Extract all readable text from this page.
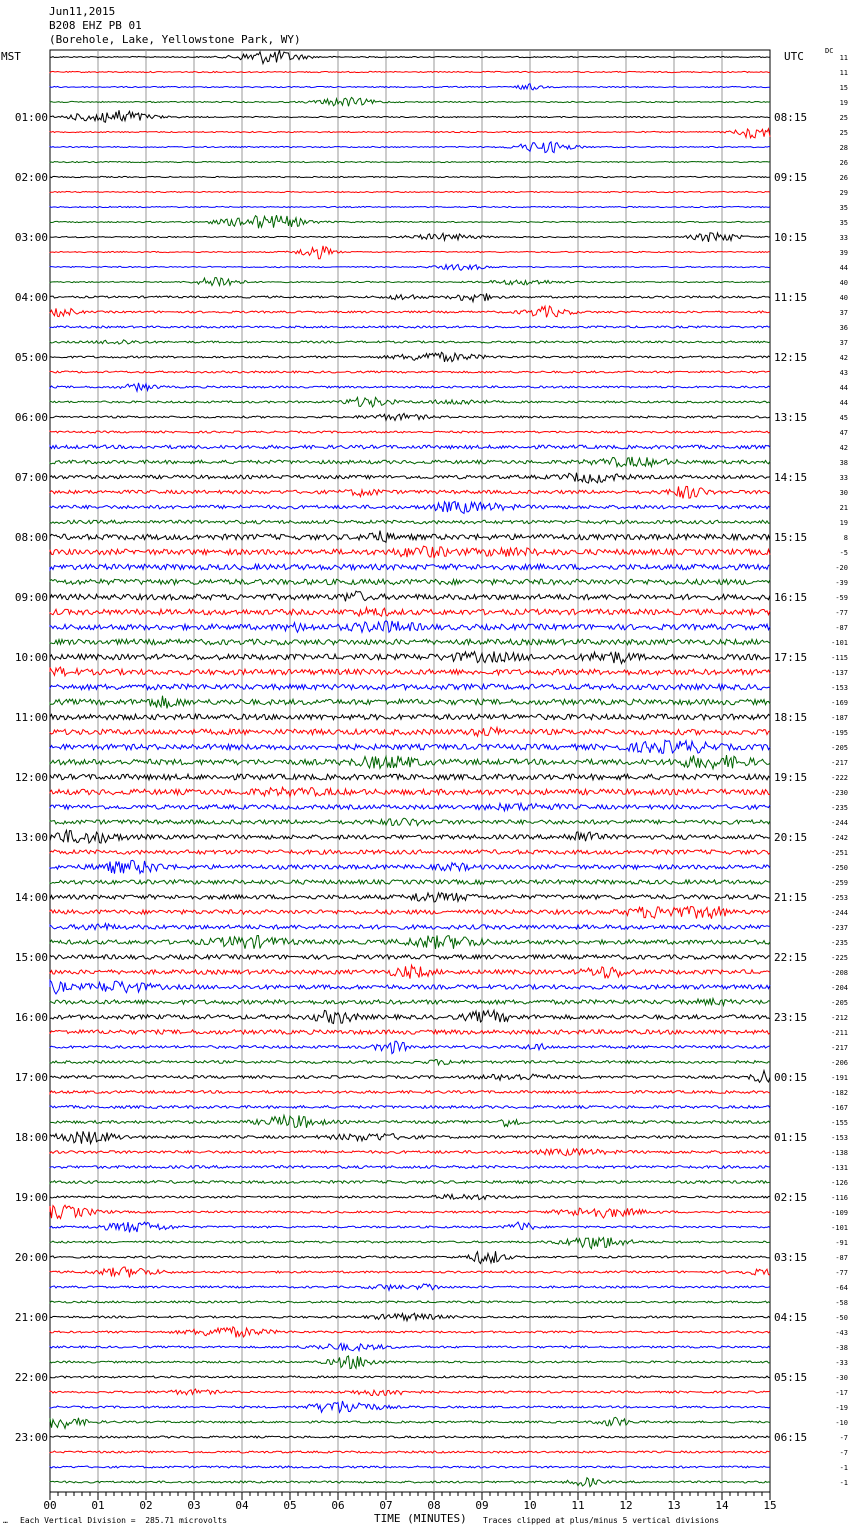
Jun11,2015
B208 EHZ PB 01
(Borehole, Lake, Yellowstone Park, WY)
MST	UTC	DC
11
11
15
19
25
25
28
26
26
29
35
35
33
39
44
40
40
37
36
37
42
43
44
44
45
47
42
38
33
30
21
19
8
-5
-20
-39
-59
-77
-87
-101
-115
-137
-153
-169
-187
-195
-205
-217
-222
-230
-235
-244
-242
-251
-250
-259
-253
-244
-237
-235
-225
-208
-204
-205
-212
-211
-217
-206
-191
-182
-167
-155
-153
-138
-131
-126
-116
-109
-101
-91
-87
-77
-64
-58
-50
-43
-38
-33
-30
-17
-19
-10
-7
-7
-1
-1
01:00
02:00
03:00
04:00
05:00
06:00
07:00
08:00
09:00
10:00
11:00
12:00
13:00
14:00
15:00
16:00
17:00
18:00
19:00
20:00
21:00
22:00
23:00
08:15
09:15
10:15
11:15
12:15
13:15
14:15
15:15
16:15
17:15
18:15
19:15
20:15
21:15
22:15
23:15
00:15
01:15
02:15
03:15
04:15
05:15
06:15
00	01	02	03	04	05	06	07	08	09	10	11	12	13	14	15
… Each Vertical Division =  285.71 microvolts	TIME (MINUTES) Traces clipped at plus/minus 5 vertical divisions
